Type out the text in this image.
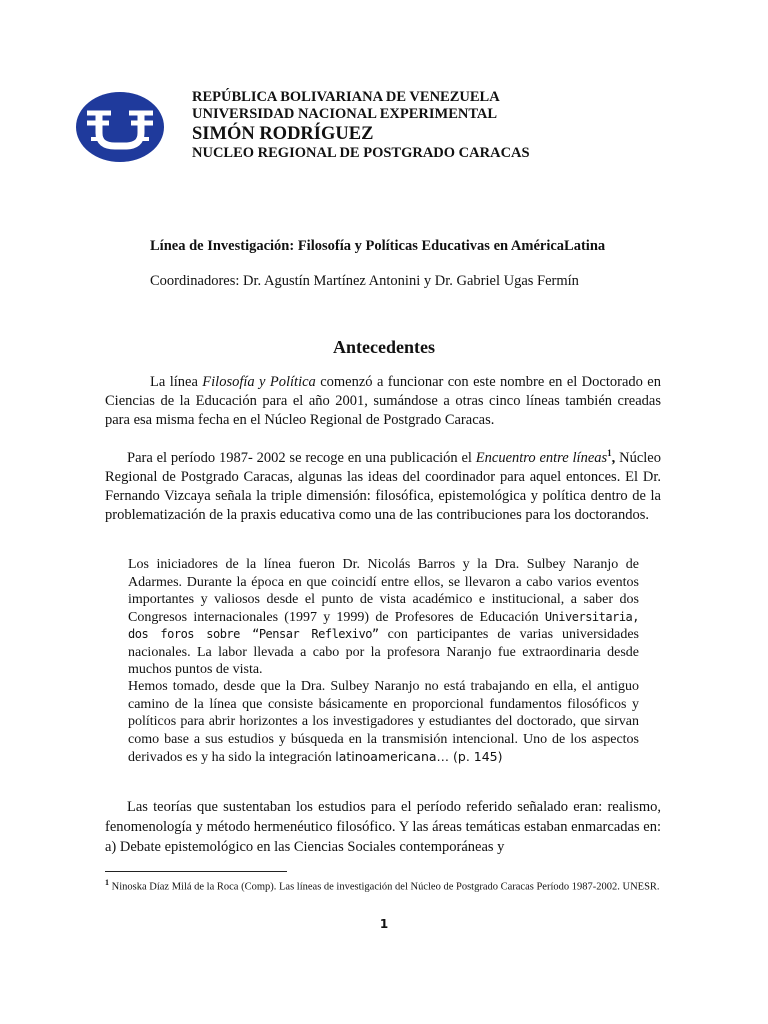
REPÚBLICA BOLIVARIANA DE VENEZUELA
UNIVERSIDAD NACIONAL EXPERIMENTAL
SIMÓN RODRÍGUEZ
NUCLEO REGIONAL DE POSTGRADO CARACAS
Línea de Investigación: Filosofía y Políticas Educativas en AméricaLatina
Coordinadores: Dr. Agustín Martínez Antonini y Dr. Gabriel Ugas Fermín
Antecedentes
La línea Filosofía y Política comenzó a funcionar con este nombre en el Doctorado en Ciencias de la Educación para el año 2001, sumándose a otras cinco líneas también creadas para esa misma fecha en el Núcleo Regional de Postgrado Caracas.
Para el período 1987- 2002 se recoge en una publicación el Encuentro entre líneas$^1$, Núcleo Regional de Postgrado Caracas, algunas las ideas del coordinador para aquel entonces. El Dr. Fernando Vizcaya señala la triple dimensión: filosófica, epistemológica y política dentro de la problematización de la praxis educativa como una de las contribuciones para los doctorandos.
Los iniciadores de la línea fueron Dr. Nicolás Barros y la Dra. Sulbey Naranjo de Adarmes. Durante la época en que coincidí entre ellos, se llevaron a cabo varios eventos importantes y valiosos desde el punto de vista académico e institucional, a saber dos Congresos internacionales (1997 y 1999) de Profesores de Educación Universitaria, dos foros sobre “Pensar Reflexivo” con participantes de varias universidades nacionales. La labor llevada a cabo por la profesora Naranjo fue extraordinaria desde muchos puntos de vista.
Hemos tomado, desde que la Dra. Sulbey Naranjo no está trabajando en ella, el antiguo camino de la línea que consiste básicamente en proporcional fundamentos filosóficos y políticos para abrir horizontes a los investigadores y estudiantes del doctorado, que sirvan como base a sus estudios y búsqueda en la transmisión intencional. Uno de los aspectos derivados es y ha sido la integración latinoamericana… (p. 145)
Las teorías que sustentaban los estudios para el período referido señalado eran: realismo, fenomenología y método hermenéutico filosófico. Y las áreas temáticas estaban enmarcadas en: a) Debate epistemológico en las Ciencias Sociales contemporáneas y
$^1$ Ninoska Díaz Milá de la Roca (Comp). Las líneas de investigación del Núcleo de Postgrado Caracas Período 1987-2002. UNESR.
1
